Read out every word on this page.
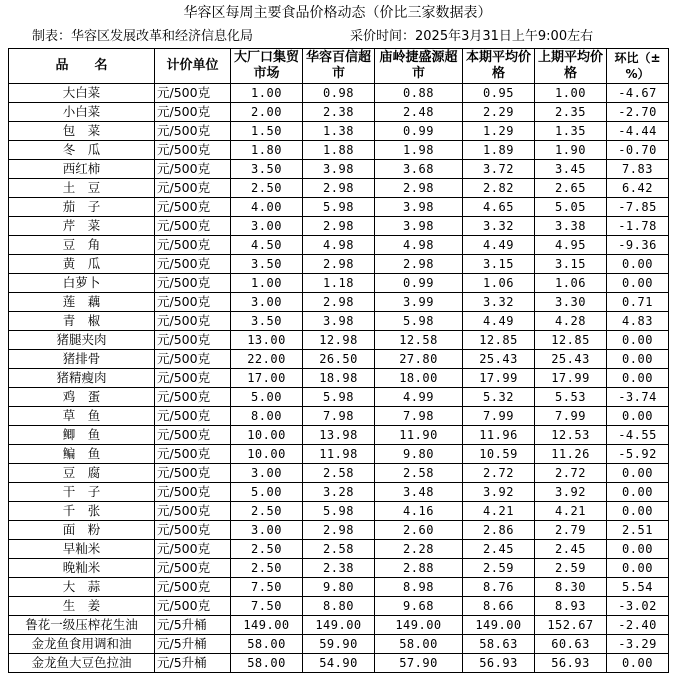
华容区每周主要食品价格动态（价比三家数据表）
制表：华容区发展改革和经济信息化局	采价时间：2025年3月31日上午9:00左右
品　　名	计价单位	大厂口集贸市场	华容百信超市	庙岭捷盛源超市	本期平均价格	上期平均价格	环比（±%）
大白菜	元/500克	1.00	0.98	0.88	0.95	1.00	-4.67
小白菜	元/500克	2.00	2.38	2.48	2.29	2.35	-2.70
包　菜	元/500克	1.50	1.38	0.99	1.29	1.35	-4.44
冬　瓜	元/500克	1.80	1.88	1.98	1.89	1.90	-0.70
西红柿	元/500克	3.50	3.98	3.68	3.72	3.45	7.83
土　豆	元/500克	2.50	2.98	2.98	2.82	2.65	6.42
茄　子	元/500克	4.00	5.98	3.98	4.65	5.05	-7.85
芹　菜	元/500克	3.00	2.98	3.98	3.32	3.38	-1.78
豆　角	元/500克	4.50	4.98	4.98	4.49	4.95	-9.36
黄　瓜	元/500克	3.50	2.98	2.98	3.15	3.15	0.00
白萝卜	元/500克	1.00	1.18	0.99	1.06	1.06	0.00
莲　藕	元/500克	3.00	2.98	3.99	3.32	3.30	0.71
青　椒	元/500克	3.50	3.98	5.98	4.49	4.28	4.83
猪腿夹肉	元/500克	13.00	12.98	12.58	12.85	12.85	0.00
猪排骨	元/500克	22.00	26.50	27.80	25.43	25.43	0.00
猪精瘦肉	元/500克	17.00	18.98	18.00	17.99	17.99	0.00
鸡　蛋	元/500克	5.00	5.98	4.99	5.32	5.53	-3.74
草　鱼	元/500克	8.00	7.98	7.98	7.99	7.99	0.00
鲫　鱼	元/500克	10.00	13.98	11.90	11.96	12.53	-4.55
鳊　鱼	元/500克	10.00	11.98	9.80	10.59	11.26	-5.92
豆　腐	元/500克	3.00	2.58	2.58	2.72	2.72	0.00
干　子	元/500克	5.00	3.28	3.48	3.92	3.92	0.00
千　张	元/500克	2.50	5.98	4.16	4.21	4.21	0.00
面　粉	元/500克	3.00	2.98	2.60	2.86	2.79	2.51
早籼米	元/500克	2.50	2.58	2.28	2.45	2.45	0.00
晚籼米	元/500克	2.50	2.38	2.88	2.59	2.59	0.00
大　蒜	元/500克	7.50	9.80	8.98	8.76	8.30	5.54
生　姜	元/500克	7.50	8.80	9.68	8.66	8.93	-3.02
鲁花一级压榨花生油	元/5升桶	149.00	149.00	149.00	149.00	152.67	-2.40
金龙鱼食用调和油	元/5升桶	58.00	59.90	58.00	58.63	60.63	-3.29
金龙鱼大豆色拉油	元/5升桶	58.00	54.90	57.90	56.93	56.93	0.00
